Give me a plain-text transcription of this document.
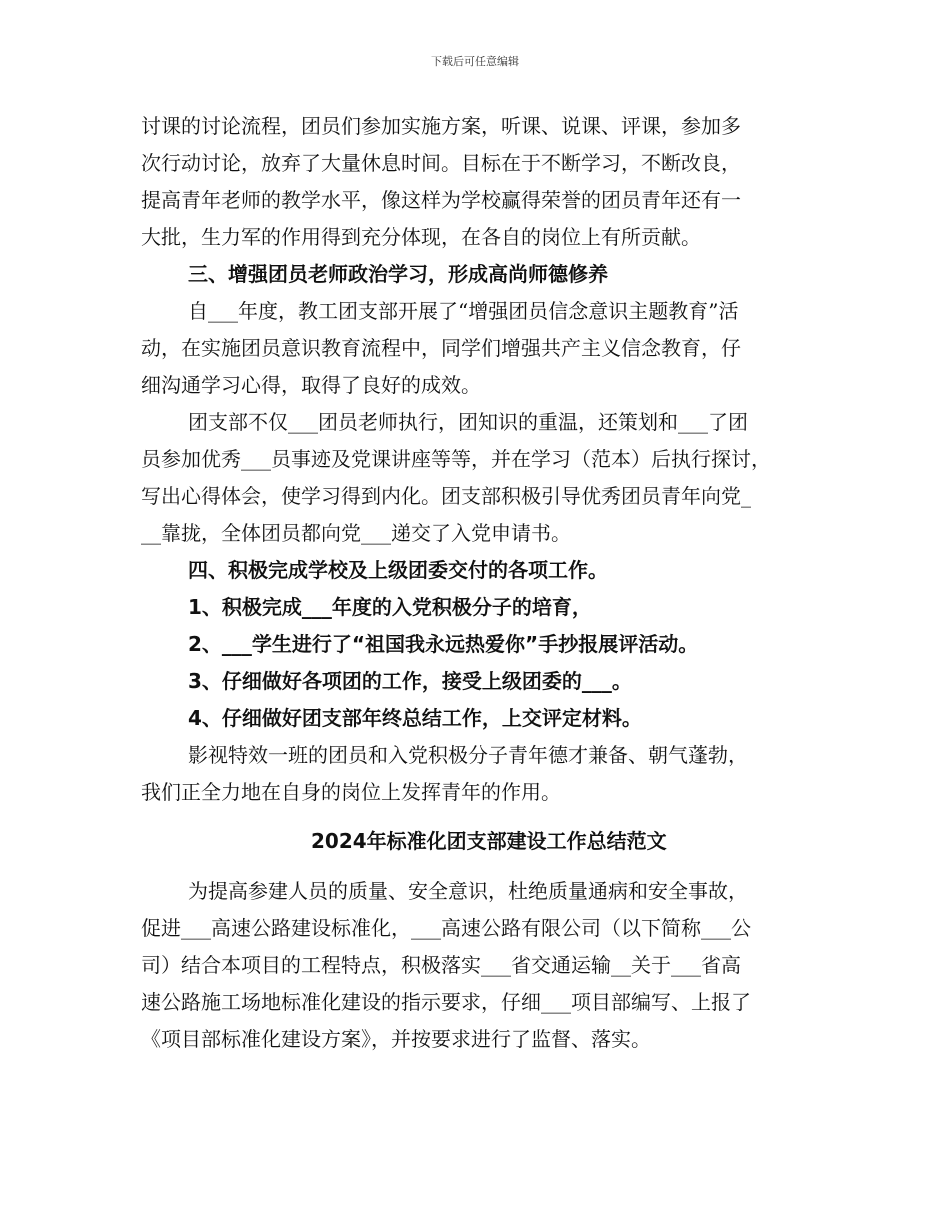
下载后可任意编辑
讨课的讨论流程，团员们参加实施方案，听课、说课、评课，参加多
次行动讨论，放弃了大量休息时间。目标在于不断学习，不断改良，
提高青年老师的教学水平，像这样为学校赢得荣誉的团员青年还有一
大批，生力军的作用得到充分体现，在各自的岗位上有所贡献。
三、增强团员老师政治学习，形成高尚师德修养
自___年度，教工团支部开展了“增强团员信念意识主题教育”活
动，在实施团员意识教育流程中，同学们增强共产主义信念教育，仔
细沟通学习心得，取得了良好的成效。
团支部不仅___团员老师执行，团知识的重温，还策划和___了团
员参加优秀___员事迹及党课讲座等等，并在学习（范本）后执行探讨，
写出心得体会，使学习得到内化。团支部积极引导优秀团员青年向党_
__靠拢，全体团员都向党___递交了入党申请书。
四、积极完成学校及上级团委交付的各项工作。
1、积极完成___年度的入党积极分子的培育，
2、___学生进行了“祖国我永远热爱你”手抄报展评活动。
3、仔细做好各项团的工作，接受上级团委的___。
4、仔细做好团支部年终总结工作，上交评定材料。
影视特效一班的团员和入党积极分子青年德才兼备、朝气蓬勃，
我们正全力地在自身的岗位上发挥青年的作用。
2024年标准化团支部建设工作总结范文
为提高参建人员的质量、安全意识，杜绝质量通病和安全事故，
促进___高速公路建设标准化，___高速公路有限公司（以下简称___公
司）结合本项目的工程特点，积极落实___省交通运输__关于___省高
速公路施工场地标准化建设的指示要求，仔细___项目部编写、上报了
《项目部标准化建设方案》，并按要求进行了监督、落实。
